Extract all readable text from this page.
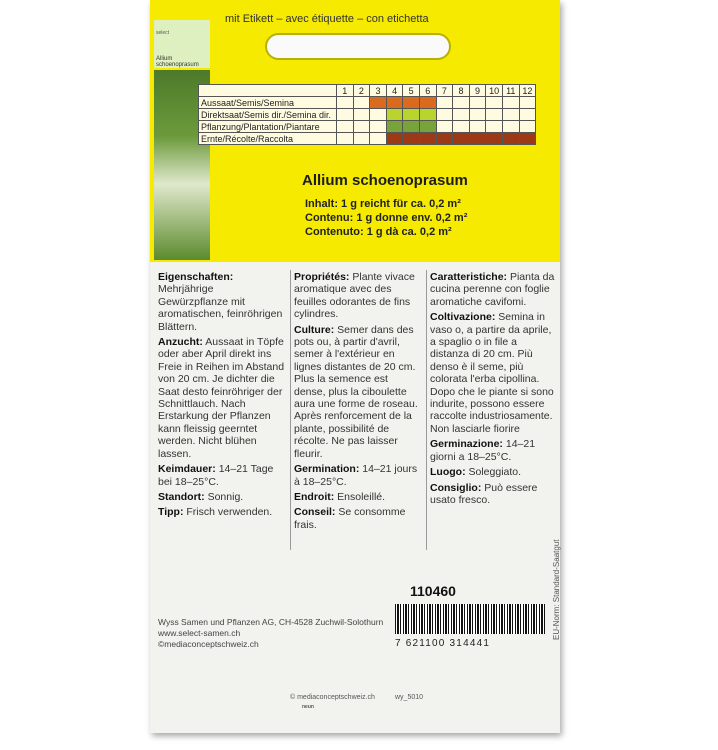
select
Allium schoenoprasum
mit Etikett – avec étiquette – con etichetta
	1	2	3	4	5	6	7	8	9	10	11	12
Aussaat/Semis/Semina												
Direktsaat/Semis dir./Semina dir.												
Pflanzung/Plantation/Piantare												
Ernte/Récolte/Raccolta												
Allium schoenoprasum
Inhalt: 1 g reicht für ca. 0,2 m²
Contenu: 1 g donne env. 0,2 m²
Contenuto: 1 g dà ca. 0,2 m²

Eigenschaften: Mehrjährige Gewürzpflanze mit aromatischen, feinröhrigen Blättern.

Anzucht: Aussaat in Töpfe oder aber April direkt ins Freie in Reihen im Abstand von 20 cm. Je dichter die Saat desto feinröhriger der Schnittlauch. Nach Erstarkung der Pflanzen kann fleissig geerntet werden. Nicht blühen lassen.

Keimdauer: 14–21 Tage bei 18–25°C.

Standort: Sonnig.

Tipp: Frisch verwenden.

Propriétés: Plante vivace aromatique avec des feuilles odorantes de fins cylindres.

Culture: Semer dans des pots ou, à partir d'avril, semer à l'extérieur en lignes distantes de 20 cm. Plus la semence est dense, plus la ciboulette aura une forme de roseau. Après renforcement de la plante, possibilité de récolte. Ne pas laisser fleurir.

Germination: 14–21 jours à 18–25°C.

Endroit: Ensoleillé.

Conseil: Se consomme frais.

Caratteristiche: Pianta da cucina perenne con foglie aromatiche cavifomi.

Coltivazione: Semina in vaso o, a partire da aprile, a spaglio o in file a distanza di 20 cm. Più denso è il seme, più colorata l'erba cipollina. Dopo che le piante si sono indurite, possono essere raccolte industriosamente. Non lasciarle fiorire

Germinazione: 14–21 giorni a 18–25°C.

Luogo: Soleggiato.

Consiglio: Può essere usato fresco.

110460
Wyss Samen und Pflanzen AG, CH-4528 Zuchwil-Solothurn
www.select-samen.ch
©mediaconceptschweiz.ch	7 621100 314441
EU-Norm: Standard-Saatgut
© mediaconceptschweiz.ch	wy_5010
neun
